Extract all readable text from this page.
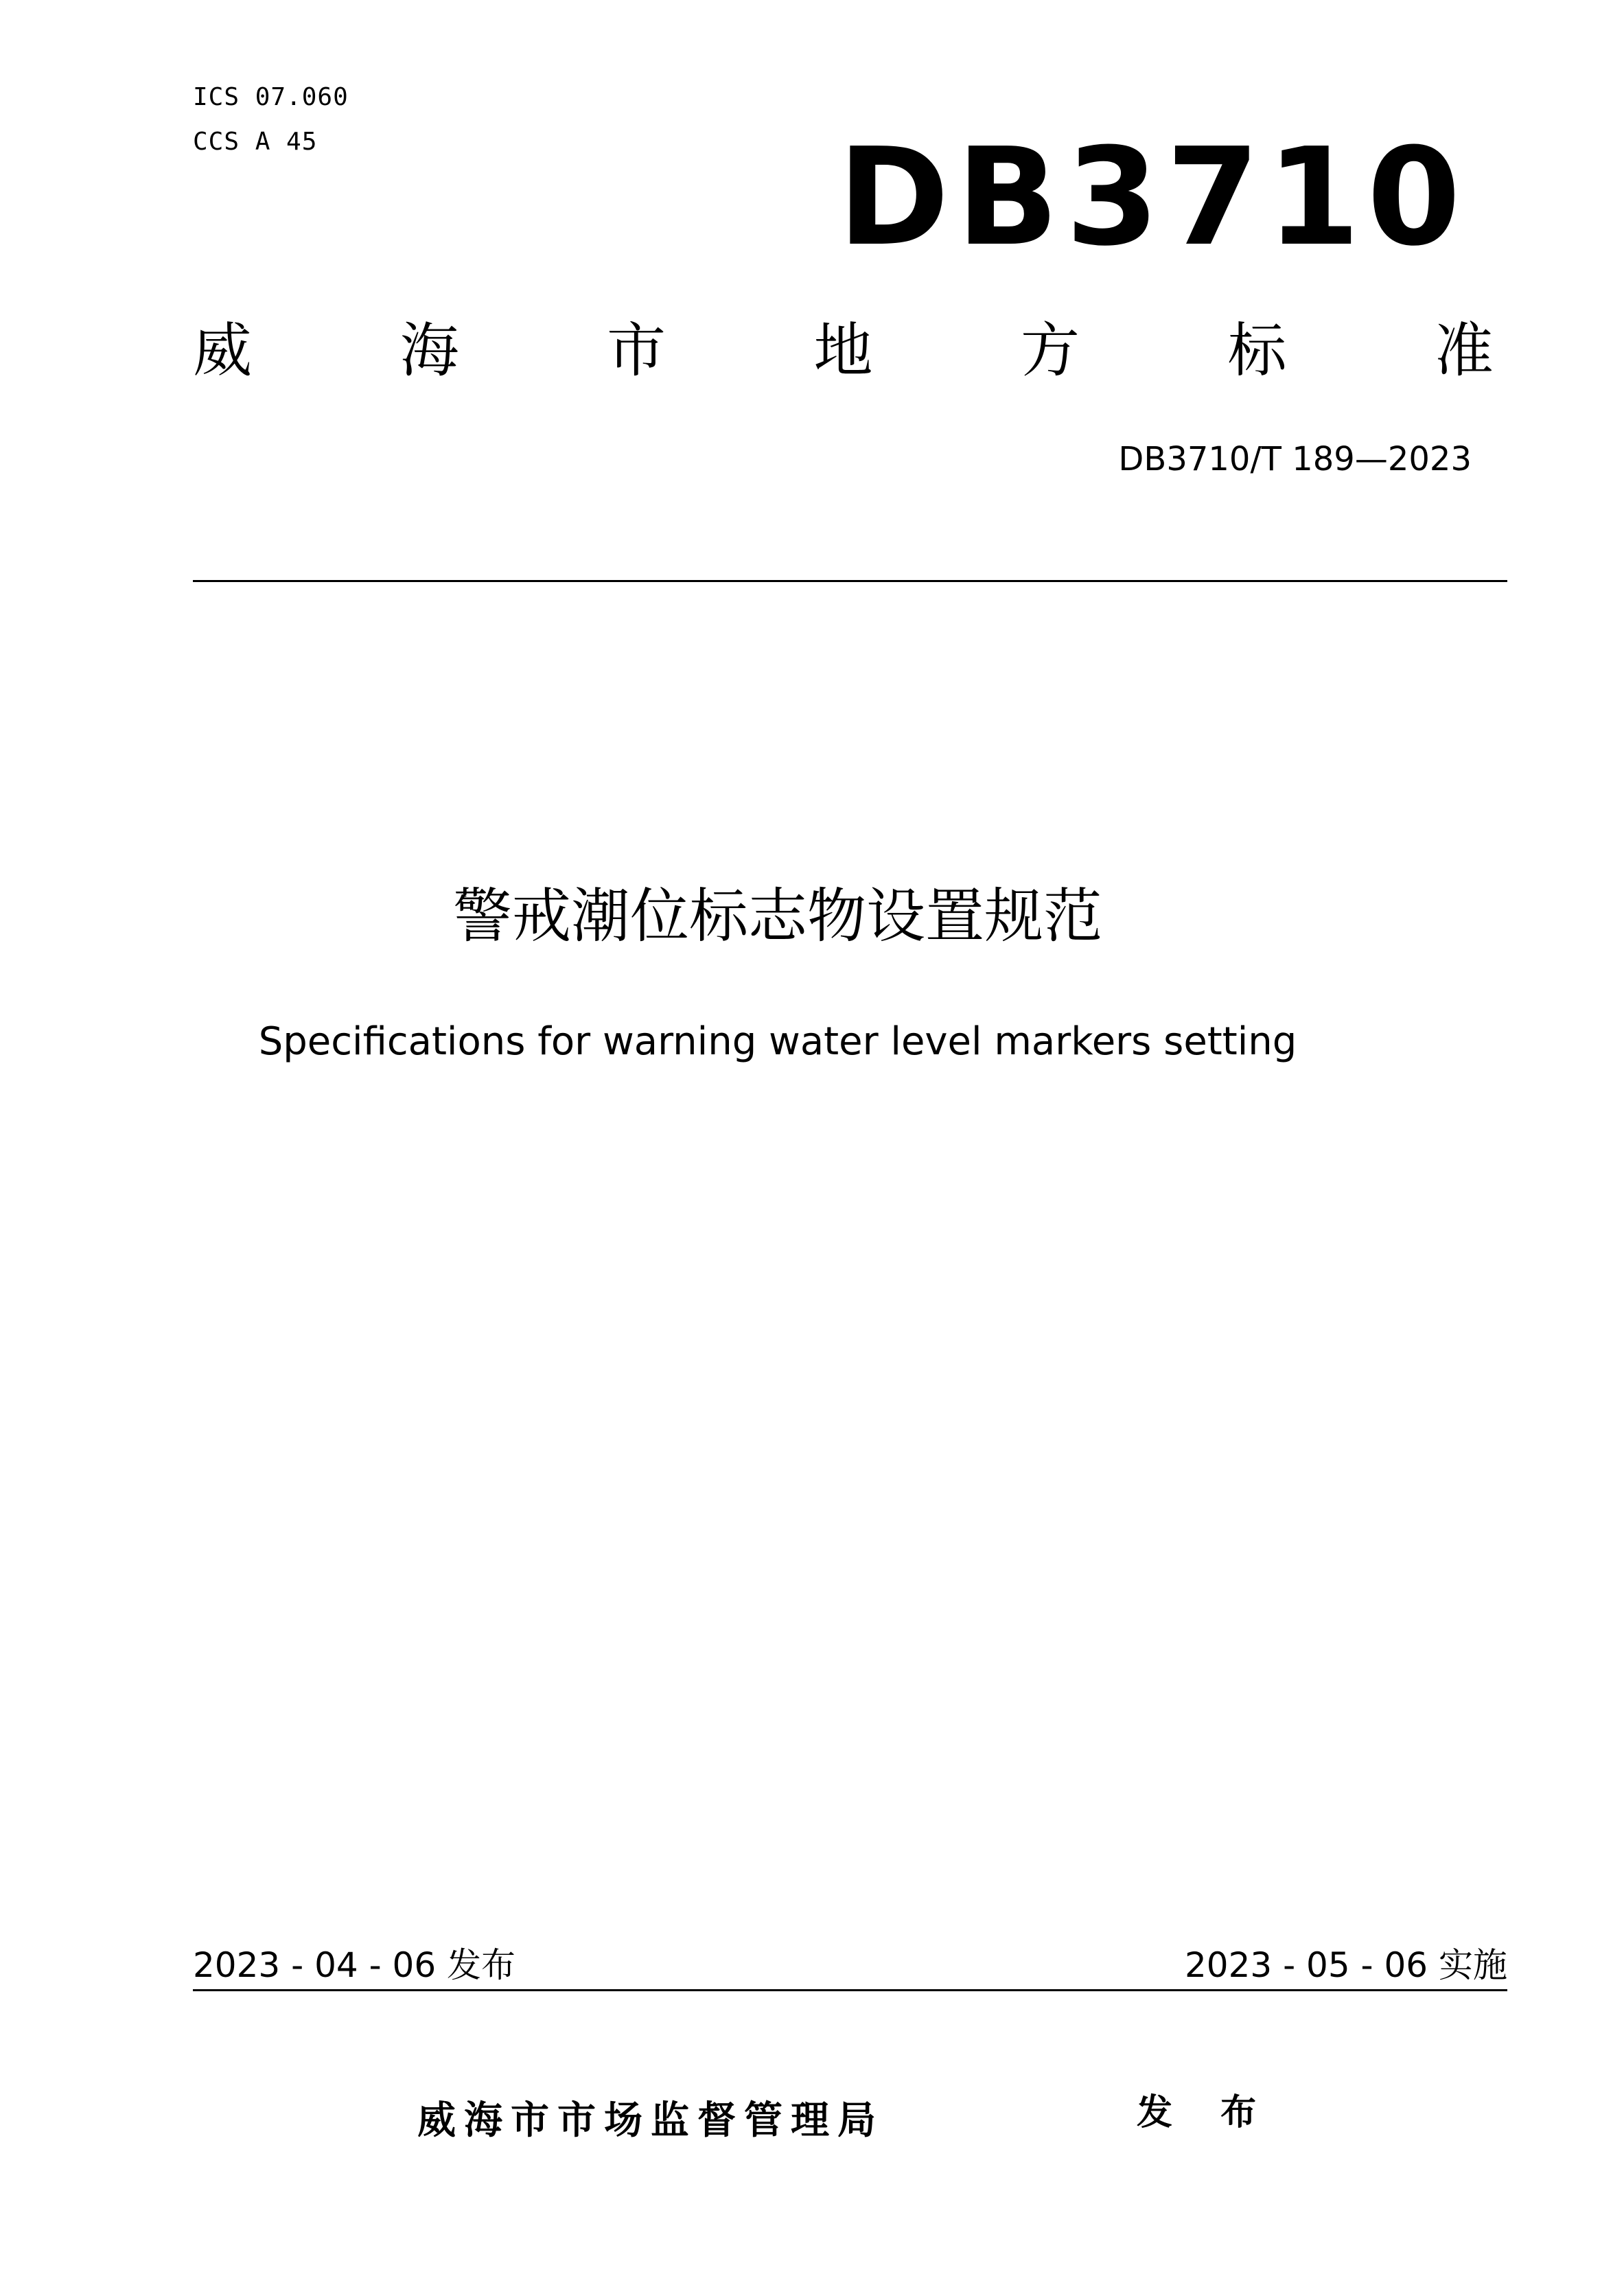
ICS 07.060
CCS A 45	DB3710
威	海	市	地	方	标	准
DB3710/T 189—2023
警戒潮位标志物设置规范
Specifications for warning water level markers setting
2023 - 04 - 06 发布	2023 - 05 - 06 实施
威海市市场监督管理局	发 布
